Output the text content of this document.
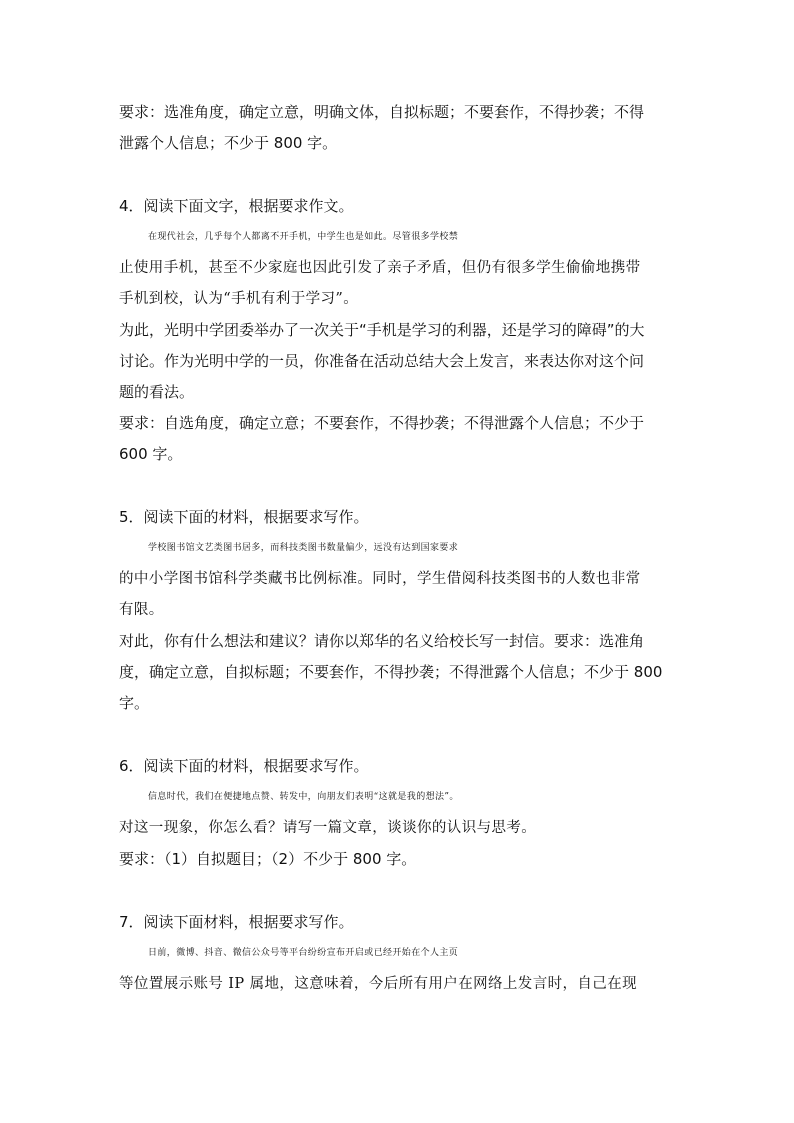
要求：选准角度，确定立意，明确文体，自拟标题；不要套作，不得抄袭；不得
泄露个人信息；不少于 800 字。
4．阅读下面文字，根据要求作文。
在现代社会，几乎每个人都离不开手机，中学生也是如此。尽管很多学校禁
止使用手机，甚至不少家庭也因此引发了亲子矛盾，但仍有很多学生偷偷地携带
手机到校，认为“手机有利于学习”。
为此，光明中学团委举办了一次关于“手机是学习的利器，还是学习的障碍”的大
讨论。作为光明中学的一员，你准备在活动总结大会上发言，来表达你对这个问
题的看法。
要求：自选角度，确定立意；不要套作，不得抄袭；不得泄露个人信息；不少于
600 字。
5．阅读下面的材料，根据要求写作。
学校图书馆文艺类图书居多，而科技类图书数量偏少，远没有达到国家要求
的中小学图书馆科学类藏书比例标准。同时，学生借阅科技类图书的人数也非常
有限。
对此，你有什么想法和建议？请你以郑华的名义给校长写一封信。要求：选准角
度，确定立意，自拟标题；不要套作，不得抄袭；不得泄露个人信息；不少于 800
字。
6．阅读下面的材料，根据要求写作。
信息时代，我们在便捷地点赞、转发中，向朋友们表明“这就是我的想法”。
对这一现象，你怎么看？请写一篇文章，谈谈你的认识与思考。
要求：（1）自拟题目；（2）不少于 800 字。
7．阅读下面材料，根据要求写作。
日前，微博、抖音、微信公众号等平台纷纷宣布开启或已经开始在个人主页
等位置展示账号 IP 属地，这意味着，今后所有用户在网络上发言时，自己在现
